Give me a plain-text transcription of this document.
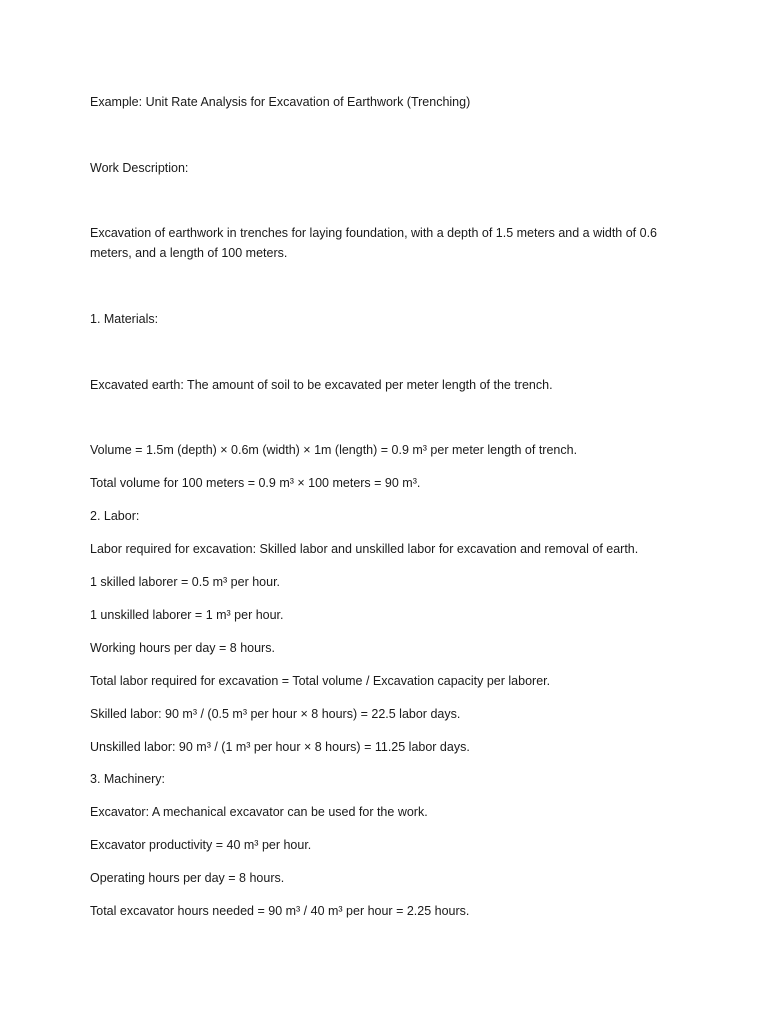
Example: Unit Rate Analysis for Excavation of Earthwork (Trenching)

Work Description:

Excavation of earthwork in trenches for laying foundation, with a depth of 1.5 meters and a width of 0.6 meters, and a length of 100 meters.

1. Materials:

Excavated earth: The amount of soil to be excavated per meter length of the trench.

Volume = 1.5m (depth) × 0.6m (width) × 1m (length) = 0.9 m³ per meter length of trench.

Total volume for 100 meters = 0.9 m³ × 100 meters = 90 m³.

2. Labor:

Labor required for excavation: Skilled labor and unskilled labor for excavation and removal of earth.

1 skilled laborer = 0.5 m³ per hour.

1 unskilled laborer = 1 m³ per hour.

Working hours per day = 8 hours.

Total labor required for excavation = Total volume / Excavation capacity per laborer.

Skilled labor: 90 m³ / (0.5 m³ per hour × 8 hours) = 22.5 labor days.

Unskilled labor: 90 m³ / (1 m³ per hour × 8 hours) = 11.25 labor days.

3. Machinery:

Excavator: A mechanical excavator can be used for the work.

Excavator productivity = 40 m³ per hour.

Operating hours per day = 8 hours.

Total excavator hours needed = 90 m³ / 40 m³ per hour = 2.25 hours.
